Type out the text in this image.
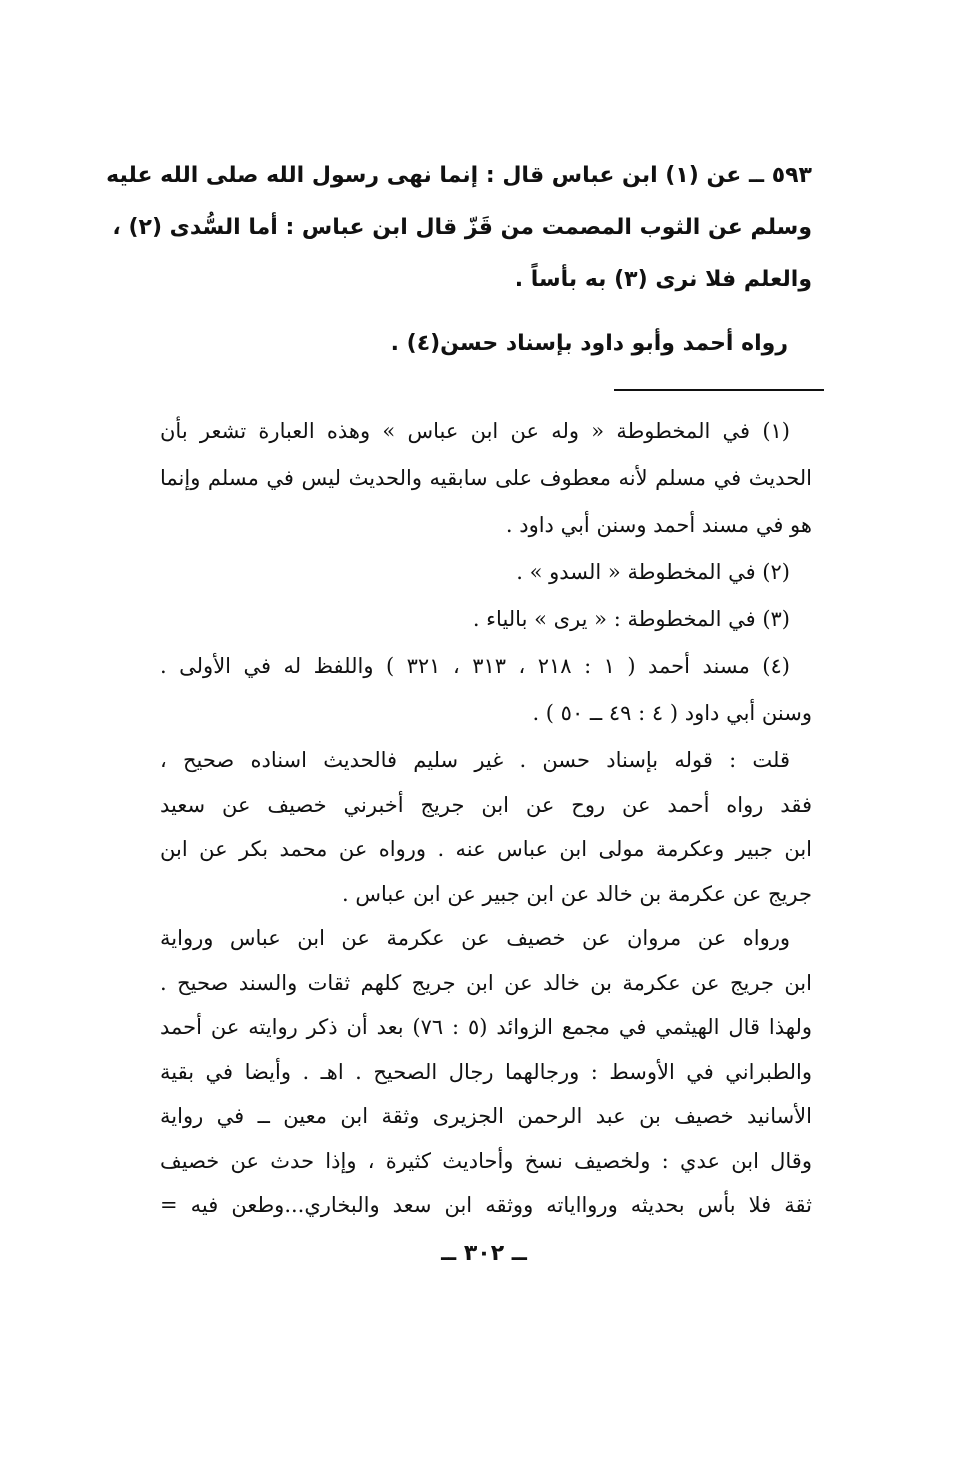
٥٩٣ ــ عن (١) ابن عباس قال : إنما نهى رسول الله صلى الله عليه
وسلم عن الثوب المصمت من قَزّ قال ابن عباس : أما السُّدى (٢) ،
والعلم فلا نرى (٣) به بأساً .
رواه أحمد وأبو داود بإسناد حسن(٤) .
(١) في المخطوطة « وله عن ابن عباس » وهذه العبارة تشعر بأن
الحديث في مسلم لأنه معطوف على سابقيه والحديث ليس في مسلم وإنما
هو في مسند أحمد وسنن أبي داود .
(٢) في المخطوطة « السدو » .
(٣) في المخطوطة : « يرى » بالياء .
(٤) مسند أحمد ( ١ : ٢١٨ ، ٣١٣ ، ٣٢١ ) واللفظ له في الأولى .
وسنن أبي داود ( ٤ : ٤٩ ــ ٥٠ ) .
قلت : قوله بإسناد حسن . غير سليم فالحديث اسناده صحيح ،
فقد رواه أحمد عن روح عن ابن جريج أخبرني خصيف عن سعيد
ابن جبير وعكرمة مولى ابن عباس عنه . ورواه عن محمد بكر عن ابن
جريج عن عكرمة بن خالد عن ابن جبير عن ابن عباس .
ورواه عن مروان عن خصيف عن عكرمة عن ابن عباس ورواية
ابن جريج عن عكرمة بن خالد عن ابن جريج كلهم ثقات والسند صحيح .
ولهذا قال الهيثمي في مجمع الزوائد (٥ : ٧٦) بعد أن ذكر روايته عن أحمد
والطبراني في الأوسط : ورجالهما رجال الصحيح . اهـ . وأيضا في بقية
الأسانيد خصيف بن عبد الرحمن الجزيرى وثقة ابن معين ــ في رواية
وقال ابن عدي : ولخصيف نسخ وأحاديث كثيرة ، وإذا حدث عن خصيف
ثقة فلا بأس بحديثه وروااياته ووثقه ابن سعد والبخاري...وطعن فيه =
ــ ٣٠٢ ــ
